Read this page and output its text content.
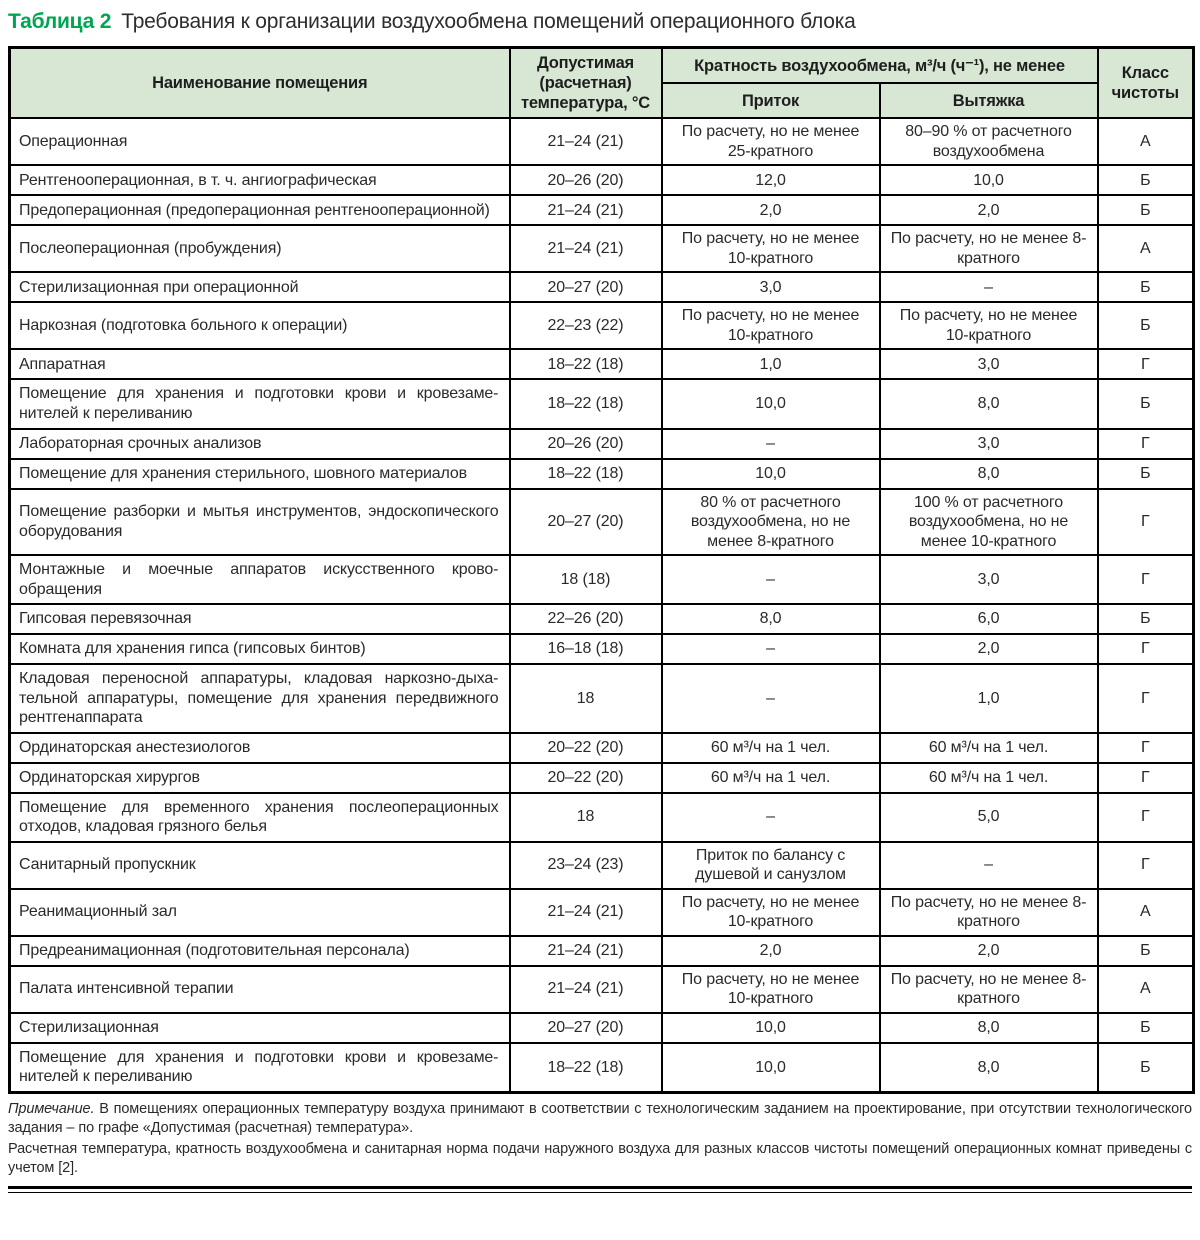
Таблица 2 Требования к организации воздухообмена помещений операционного блока
Наименование помещения	Допустимая (расчетная) температура, °С	Кратность воздухообмена, м³/ч (ч⁻¹), не менее		Класс чистоты
		Приток	Вытяжка	
Операционная	21–24 (21)	По расчету, но не менее 25-кратного	80–90 % от расчетного воздухообмена	А
Рентгенооперационная, в т. ч. ангиографическая	20–26 (20)	12,0	10,0	Б
Предоперационная (предоперационная рентгенооперационной)	21–24 (21)	2,0	2,0	Б
Послеоперационная (пробуждения)	21–24 (21)	По расчету, но не менее 10-кратного	По расчету, но не менее 8-кратного	А
Стерилизационная при операционной	20–27 (20)	3,0	–	Б
Наркозная (подготовка больного к операции)	22–23 (22)	По расчету, но не менее 10-кратного	По расчету, но не менее 10-кратного	Б
Аппаратная	18–22 (18)	1,0	3,0	Г
Помещение для хранения и подготовки крови и кровезаменителей к переливанию	18–22 (18)	10,0	8,0	Б
Лабораторная срочных анализов	20–26 (20)	–	3,0	Г
Помещение для хранения стерильного, шовного материалов	18–22 (18)	10,0	8,0	Б
Помещение разборки и мытья инструментов, эндоскопического оборудования	20–27 (20)	80 % от расчетного воздухообмена, но не менее 8-кратного	100 % от расчетного воздухообмена, но не менее 10-кратного	Г
Монтажные и моечные аппаратов искусственного кровообращения	18 (18)	–	3,0	Г
Гипсовая перевязочная	22–26 (20)	8,0	6,0	Б
Комната для хранения гипса (гипсовых бинтов)	16–18 (18)	–	2,0	Г
Кладовая переносной аппаратуры, кладовая наркозно-дыхательной аппаратуры, помещение для хранения передвижного рентгенаппарата	18	–	1,0	Г
Ординаторская анестезиологов	20–22 (20)	60 м³/ч на 1 чел.	60 м³/ч на 1 чел.	Г
Ординаторская хирургов	20–22 (20)	60 м³/ч на 1 чел.	60 м³/ч на 1 чел.	Г
Помещение для временного хранения послеоперационных отходов, кладовая грязного белья	18	–	5,0	Г
Санитарный пропускник	23–24 (23)	Приток по балансу с душевой и санузлом	–	Г
Реанимационный зал	21–24 (21)	По расчету, но не менее 10-кратного	По расчету, но не менее 8-кратного	А
Предреанимационная (подготовительная персонала)	21–24 (21)	2,0	2,0	Б
Палата интенсивной терапии	21–24 (21)	По расчету, но не менее 10-кратного	По расчету, но не менее 8-кратного	А
Стерилизационная	20–27 (20)	10,0	8,0	Б
Помещение для хранения и подготовки крови и кровезаменителей к переливанию	18–22 (18)	10,0	8,0	Б

Примечание. В помещениях операционных температуру воздуха принимают в соответствии с технологическим заданием на проектирование, при отсутствии технологического задания – по графе «Допустимая (расчетная) температура».

Расчетная температура, кратность воздухообмена и санитарная норма подачи наружного воздуха для разных классов чистоты помещений операционных комнат приведены с учетом [2].
